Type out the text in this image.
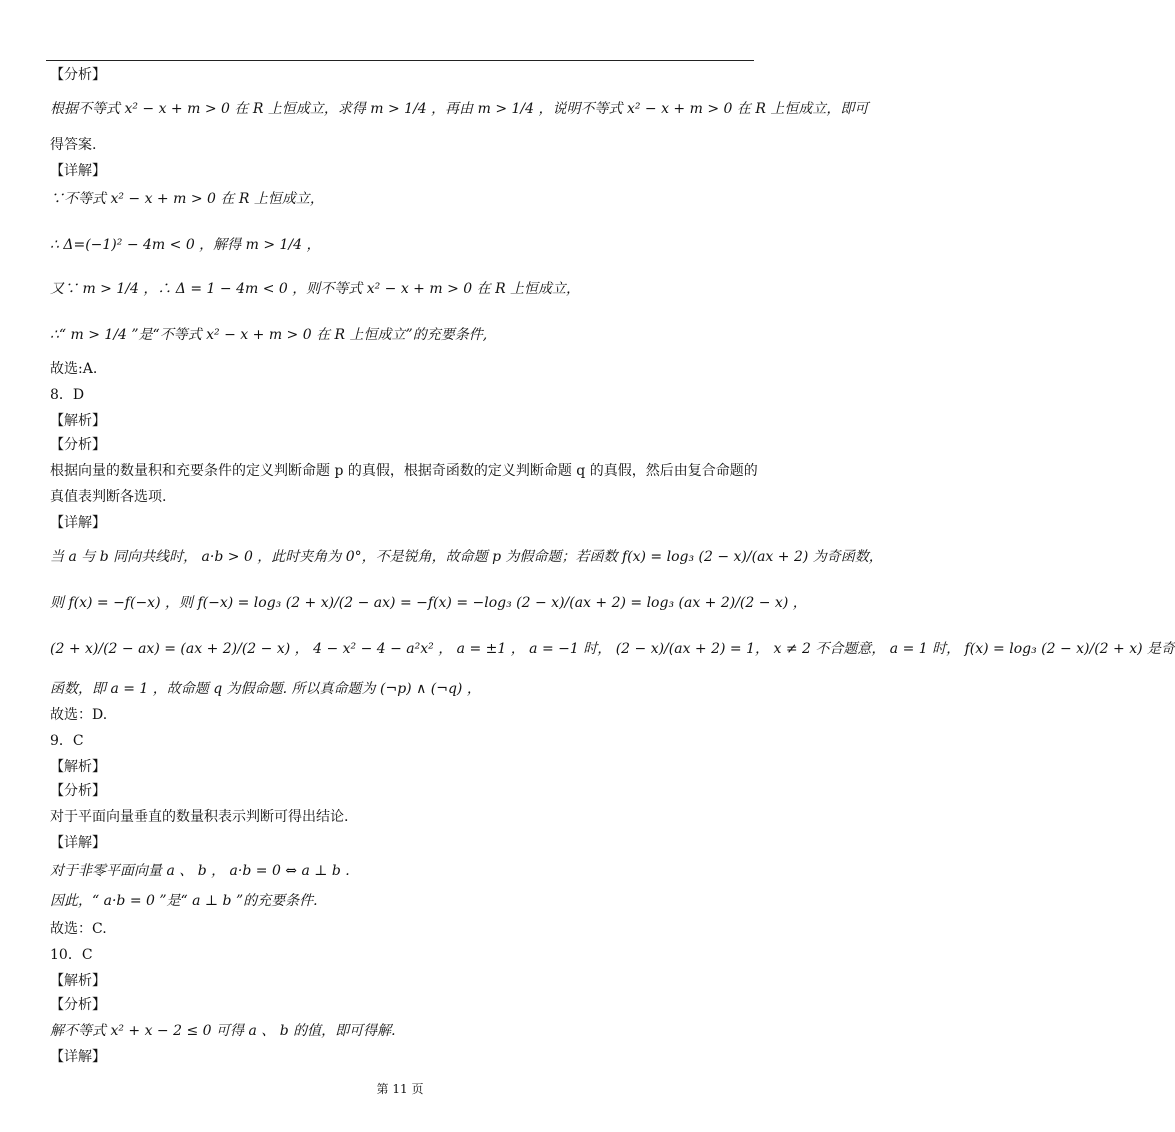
【分析】
根据不等式 x² − x + m > 0 在 R 上恒成立，求得 m > 1/4 ，再由 m > 1/4 ，说明不等式 x² − x + m > 0 在 R 上恒成立，即可
得答案.
【详解】
∵不等式 x² − x + m > 0 在 R 上恒成立，
∴ Δ=(−1)² − 4m < 0 ，解得 m > 1/4 ，
又∵ m > 1/4 ，∴ Δ = 1 − 4m < 0 ，则不等式 x² − x + m > 0 在 R 上恒成立，
∴“ m > 1/4 ”是“不等式 x² − x + m > 0 在 R 上恒成立”的充要条件,
故选:A.
8．D
【解析】
【分析】
根据向量的数量积和充要条件的定义判断命题 p 的真假，根据奇函数的定义判断命题 q 的真假，然后由复合命题的
真值表判断各选项.
【详解】
当 a 与 b 同向共线时， a·b > 0 ，此时夹角为 0°，不是锐角，故命题 p 为假命题；若函数 f(x) = log₃ (2 − x)/(ax + 2) 为奇函数，
则 f(x) = −f(−x) ，则 f(−x) = log₃ (2 + x)/(2 − ax) = −f(x) = −log₃ (2 − x)/(ax + 2) = log₃ (ax + 2)/(2 − x) ，
(2 + x)/(2 − ax) = (ax + 2)/(2 − x) ， 4 − x² − 4 − a²x² ， a = ±1 ， a = −1 时， (2 − x)/(ax + 2) = 1， x ≠ 2 不合题意， a = 1 时， f(x) = log₃ (2 − x)/(2 + x) 是奇
函数，即 a = 1 ，故命题 q 为假命题. 所以真命题为 (¬p) ∧ (¬q) ，
故选：D.
9．C
【解析】
【分析】
对于平面向量垂直的数量积表示判断可得出结论.
【详解】
对于非零平面向量 a 、 b ， a·b = 0 ⇔ a ⊥ b .
因此，“ a·b = 0 ”是“ a ⊥ b ”的充要条件.
故选：C.
10．C
【解析】
【分析】
解不等式 x² + x − 2 ≤ 0 可得 a 、 b 的值，即可得解.
【详解】
第 11 页
